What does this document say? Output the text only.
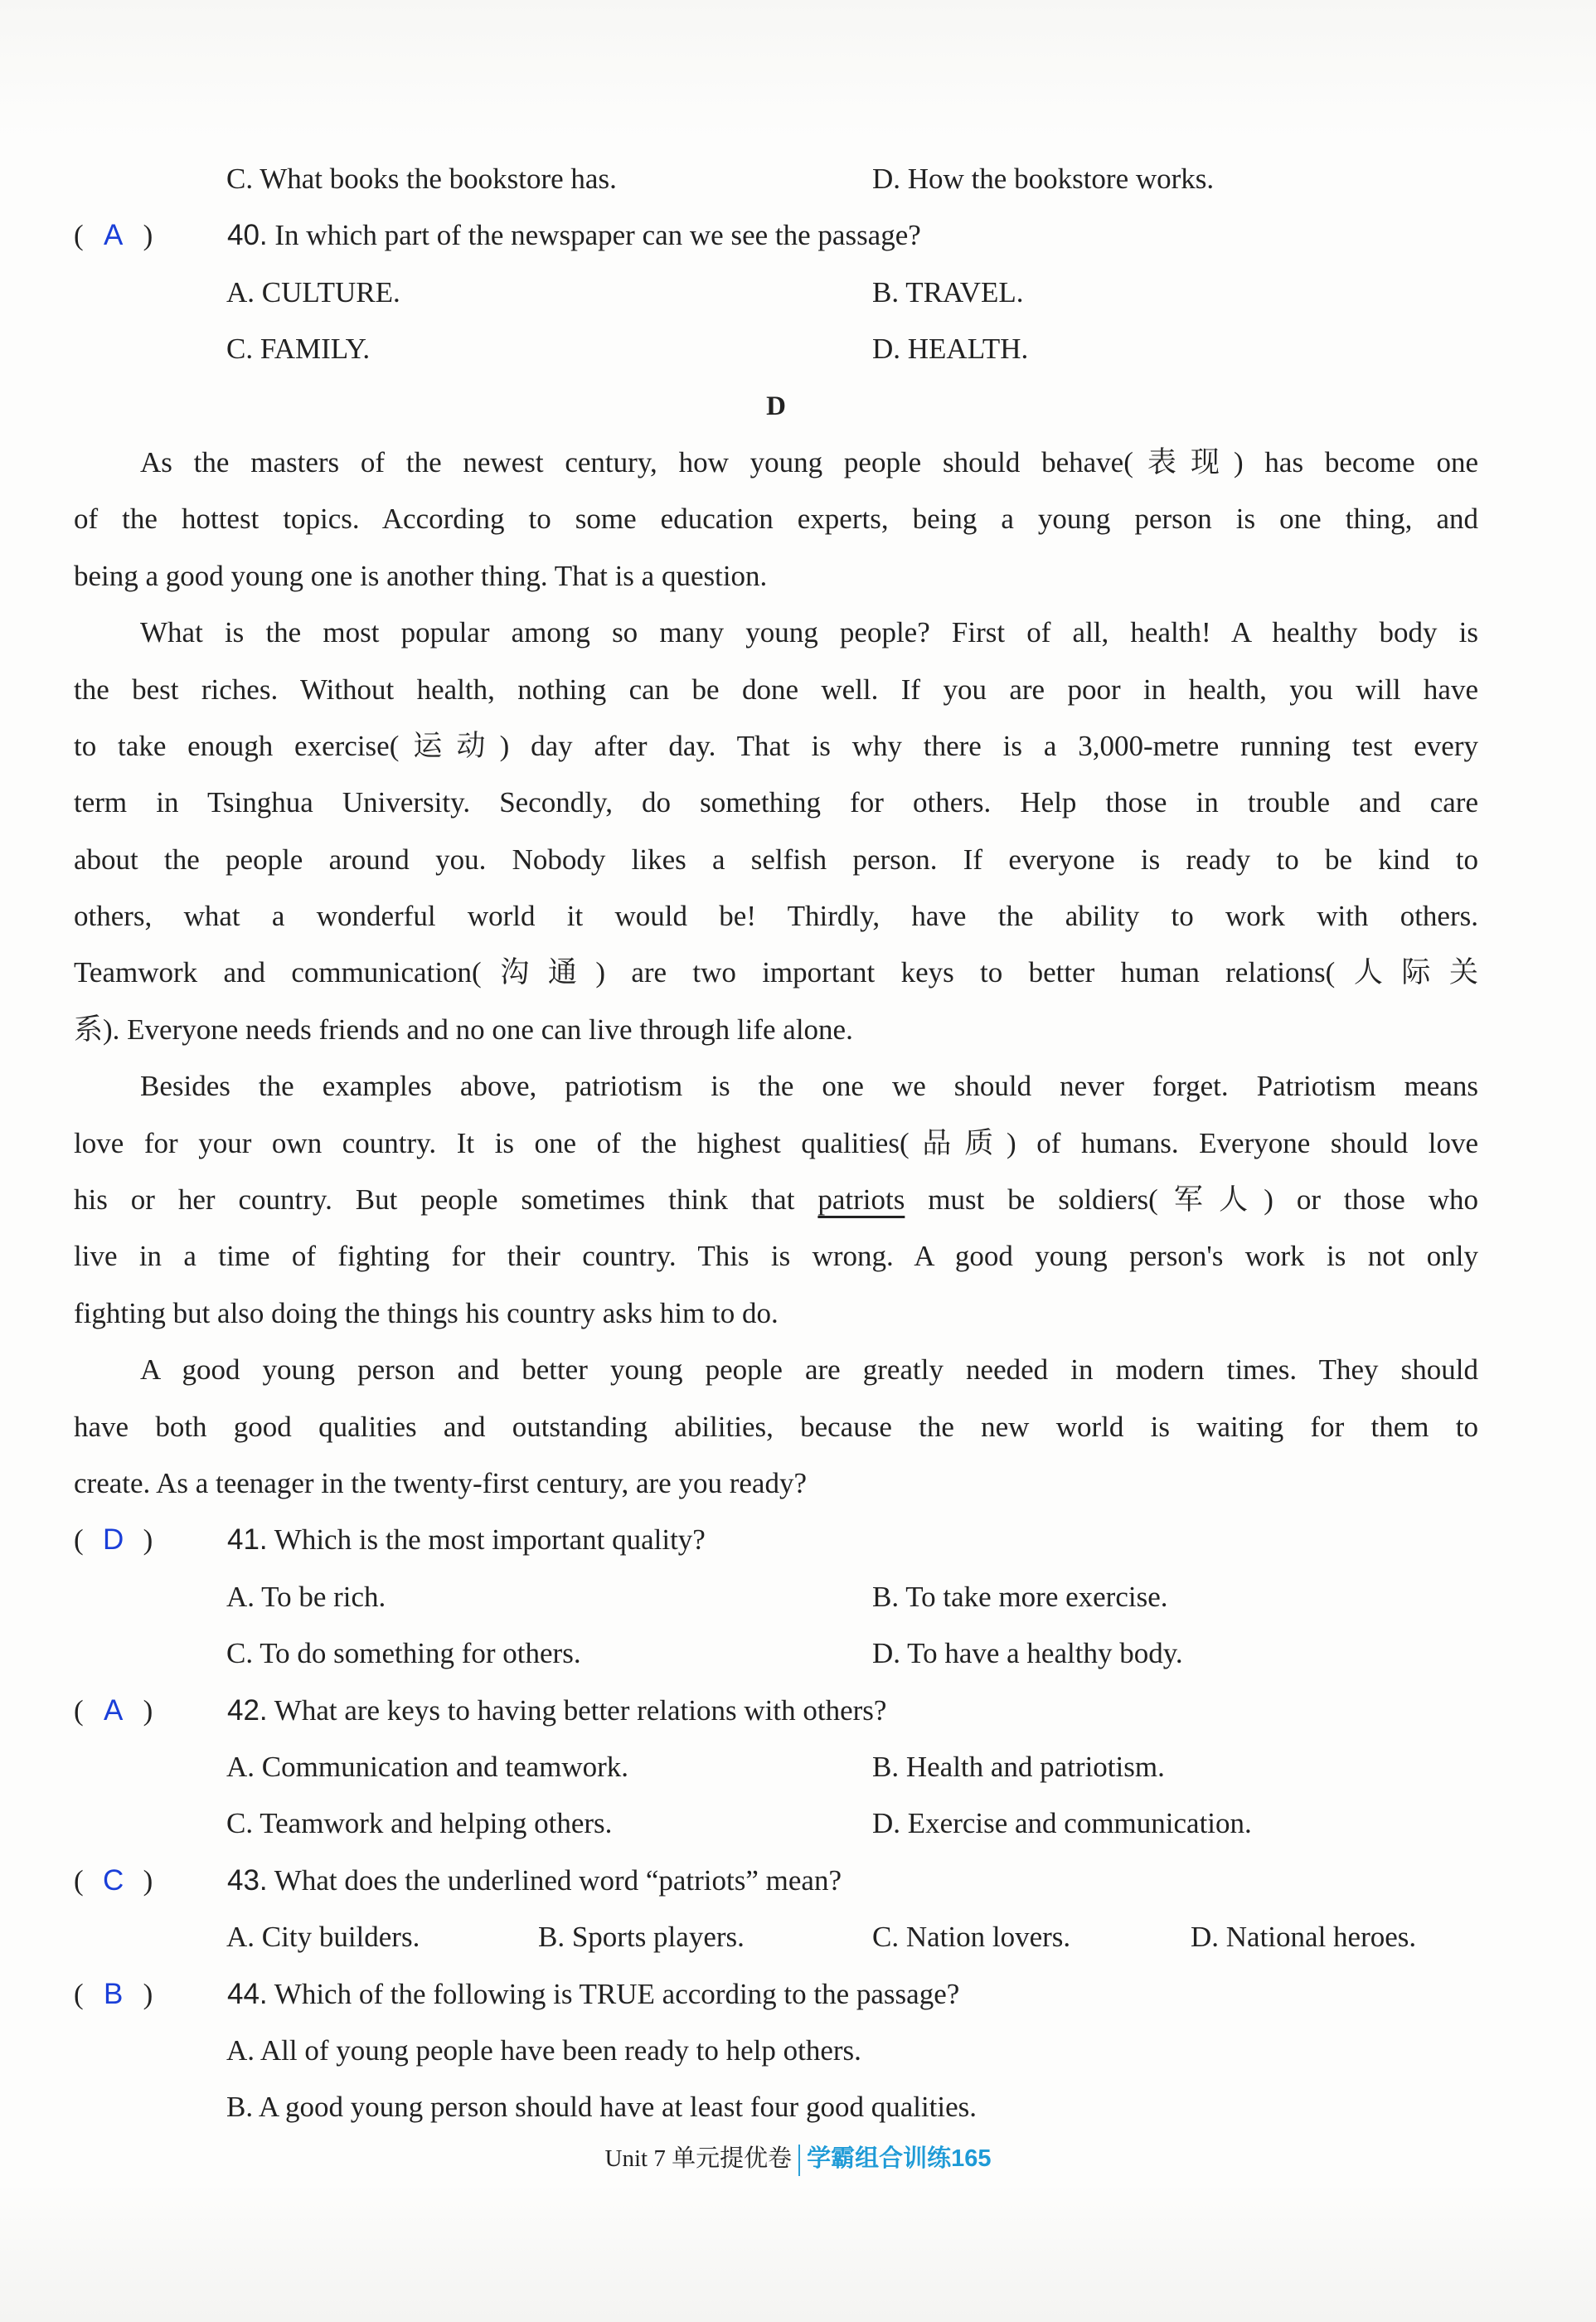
C. What books the bookstore has.	D. How the bookstore works.
( A )	40. In which part of the newspaper can we see the passage?
A. CULTURE.	B. TRAVEL.
C. FAMILY.	D. HEALTH.
D
As the masters of the newest century, how young people should behave(表现) has become one
of the hottest topics. According to some education experts, being a young person is one thing, and
being a good young one is another thing. That is a question.
What is the most popular among so many young people? First of all, health! A healthy body is
the best riches. Without health, nothing can be done well. If you are poor in health, you will have
to take enough exercise(运动) day after day. That is why there is a 3,000-metre running test every
term in Tsinghua University. Secondly, do something for others. Help those in trouble and care
about the people around you. Nobody likes a selfish person. If everyone is ready to be kind to
others, what a wonderful world it would be! Thirdly, have the ability to work with others.
Teamwork and communication(沟通) are two important keys to better human relations(人际关
系). Everyone needs friends and no one can live through life alone.
Besides the examples above, patriotism is the one we should never forget. Patriotism means
love for your own country. It is one of the highest qualities(品质) of humans. Everyone should love
his or her country. But people sometimes think that patriots must be soldiers(军人) or those who
live in a time of fighting for their country. This is wrong. A good young person's work is not only
fighting but also doing the things his country asks him to do.
A good young person and better young people are greatly needed in modern times. They should
have both good qualities and outstanding abilities, because the new world is waiting for them to
create. As a teenager in the twenty-first century, are you ready?
( D )	41. Which is the most important quality?
A. To be rich.	B. To take more exercise.
C. To do something for others.	D. To have a healthy body.
( A )	42. What are keys to having better relations with others?
A. Communication and teamwork.	B. Health and patriotism.
C. Teamwork and helping others.	D. Exercise and communication.
( C )	43. What does the underlined word “patriots” mean?
A. City builders.	B. Sports players.	C. Nation lovers.	D. National heroes.
( B )	44. Which of the following is TRUE according to the passage?
A. All of young people have been ready to help others.
B. A good young person should have at least four good qualities.
Unit 7 单元提优卷 学霸组合训练165
